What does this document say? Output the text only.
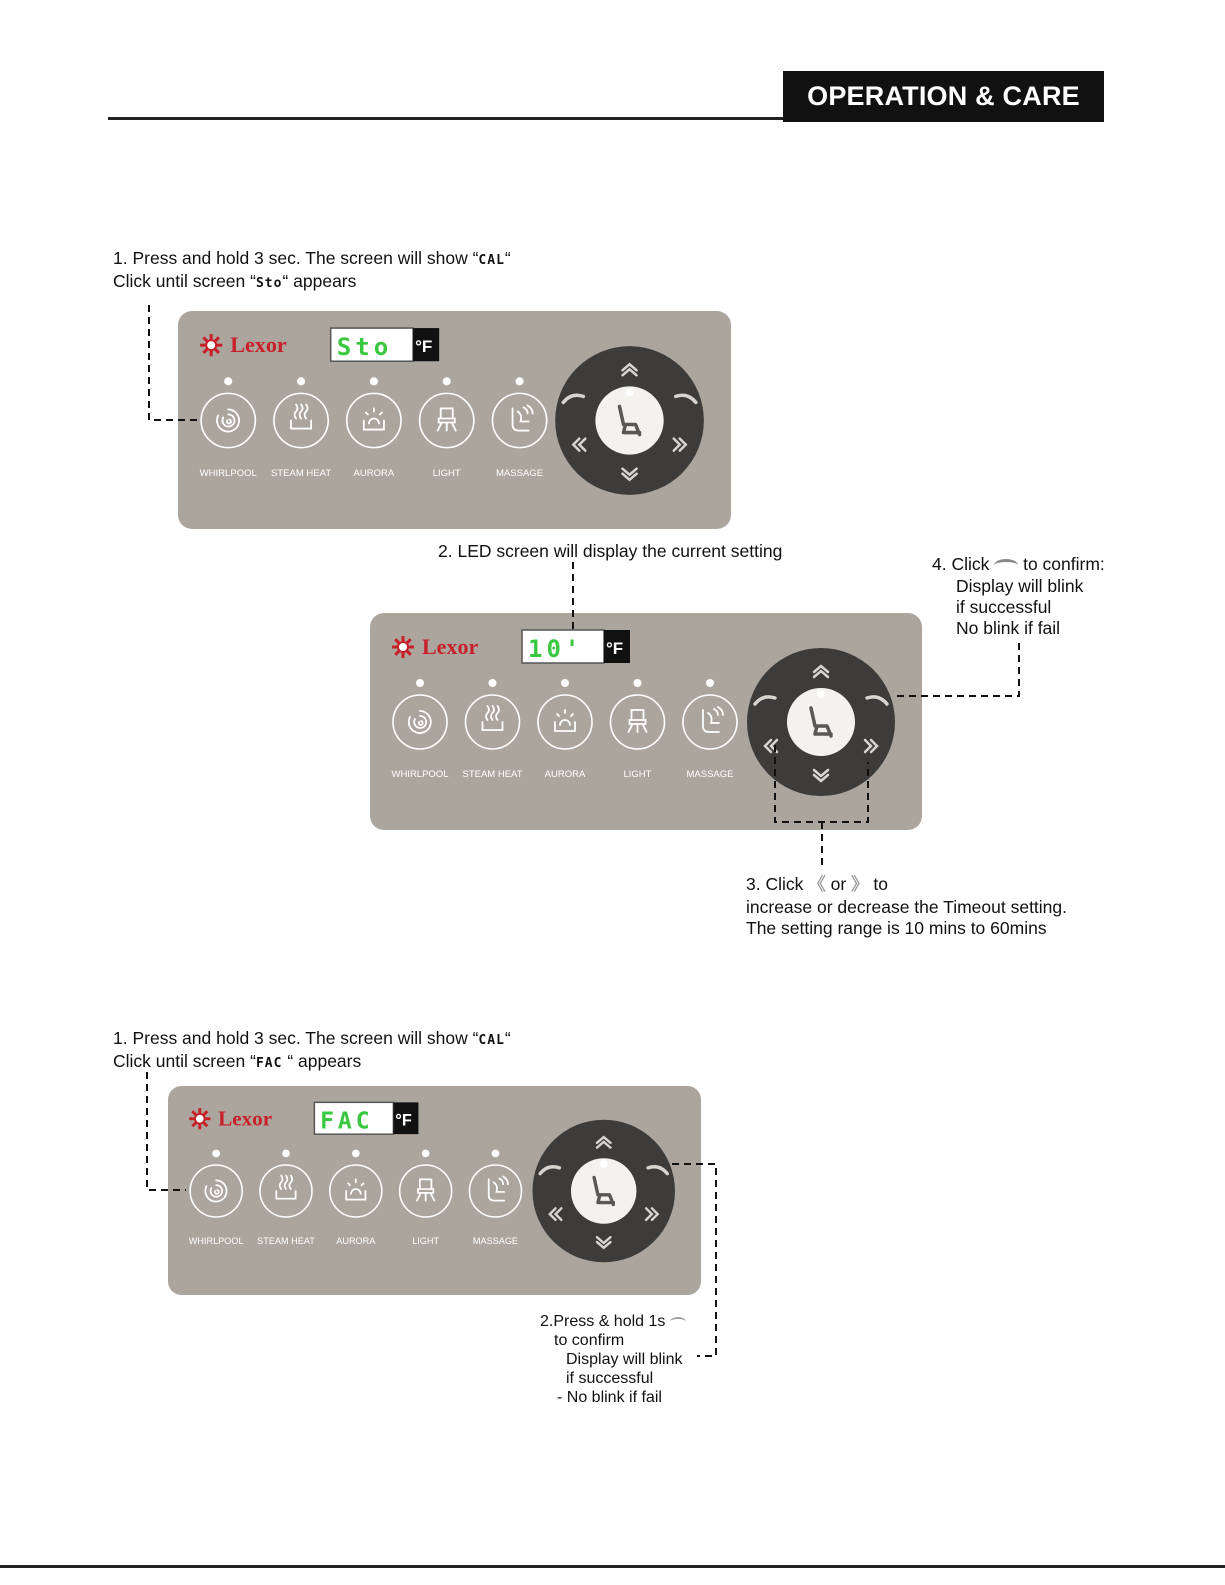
OPERATION & CARE
1. Press and hold 3 sec. The screen will show “CAL“
Click until screen “Sto“ appears
2. LED screen will display the current setting
4. Click  to confirm:
Display will blink
if successful
No blink if fail
3. Click 《 or 》 to
increase or decrease the Timeout setting.
The setting range is 10 mins to 60mins
1. Press and hold 3 sec. The screen will show “CAL“
Click until screen “FAC “ appears
2.Press & hold 1s
to confirm
Display will blink
if successful
- No blink if fail
Lexor Sto °F
WHIRLPOOL STEAM HEAT AURORA	LIGHT	MASSAGE
Lexor 10' °F
WHIRLPOOL STEAM HEAT AURORA	LIGHT	MASSAGE
Lexor FAC °F
WHIRLPOOL STEAM HEAT AURORA	LIGHT	MASSAGE
